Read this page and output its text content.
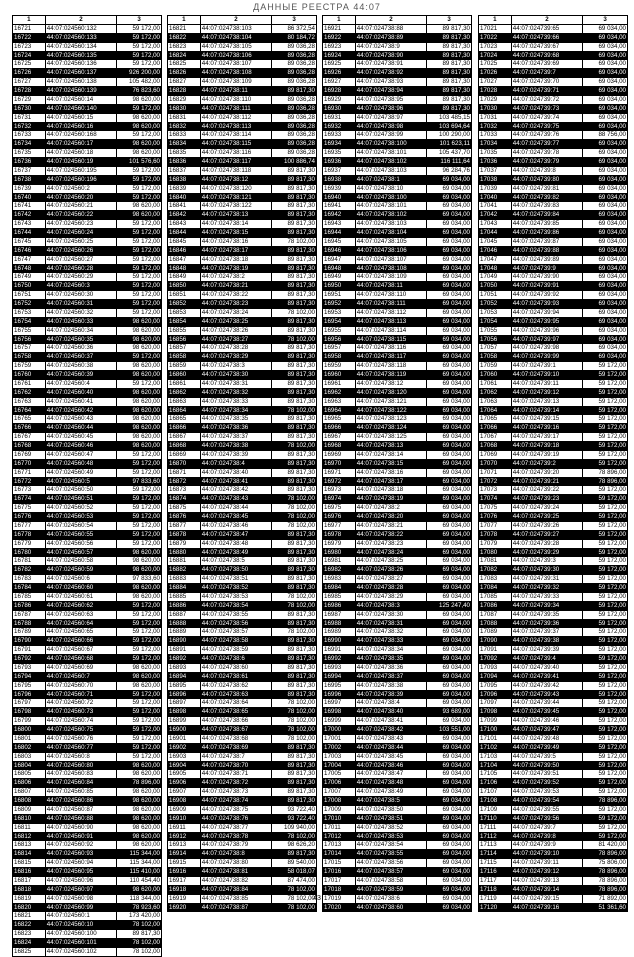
ДАННЫЕ РЕЕСТРА 44:07
1	2	3
16721	44:07:024560:132	59 172,00
16722	44:07:024560:133	59 172,00
16723	44:07:024560:134	59 172,00
16724	44:07:024560:135	59 172,00
16725	44:07:024560:136	59 172,00
16726	44:07:024560:137	926 200,00
16727	44:07:024560:138	105 482,00
16728	44:07:024560:139	76 823,60
16729	44:07:024560:14	98 620,00
16730	44:07:024560:140	59 172,00
16731	44:07:024560:15	98 620,00
16732	44:07:024560:16	98 620,00
16733	44:07:024560:168	59 172,00
16734	44:07:024560:17	98 620,00
16735	44:07:024560:18	98 620,00
16736	44:07:024560:19	101 576,60
16737	44:07:024560:195	59 172,00
16738	44:07:024560:196	59 172,00
16739	44:07:024560:2	59 172,00
16740	44:07:024560:20	59 172,00
16741	44:07:024560:21	98 620,00
16742	44:07:024560:22	98 620,00
16743	44:07:024560:23	59 172,00
16744	44:07:024560:24	59 172,00
16745	44:07:024560:25	59 172,00
16746	44:07:024560:26	59 172,00
16747	44:07:024560:27	59 172,00
16748	44:07:024560:28	59 172,00
16749	44:07:024560:29	59 172,00
16750	44:07:024560:3	59 172,00
16751	44:07:024560:30	59 172,00
16752	44:07:024560:31	59 172,00
16753	44:07:024560:32	59 172,00
16754	44:07:024560:33	98 620,00
16755	44:07:024560:34	98 620,00
16756	44:07:024560:35	98 620,00
16757	44:07:024560:36	98 620,00
16758	44:07:024560:37	59 172,00
16759	44:07:024560:38	98 620,00
16760	44:07:024560:39	98 620,00
16761	44:07:024560:4	59 172,00
16762	44:07:024560:40	98 620,00
16763	44:07:024560:41	98 620,00
16764	44:07:024560:42	98 620,00
16765	44:07:024560:43	98 620,00
16766	44:07:024560:44	98 620,00
16767	44:07:024560:45	98 620,00
16768	44:07:024560:46	98 620,00
16769	44:07:024560:47	59 172,00
16770	44:07:024560:48	59 172,00
16771	44:07:024560:49	59 172,00
16772	44:07:024560:5	97 833,60
16773	44:07:024560:50	59 172,00
16774	44:07:024560:51	59 172,00
16775	44:07:024560:52	59 172,00
16776	44:07:024560:53	59 172,00
16777	44:07:024560:54	59 172,00
16778	44:07:024560:55	59 172,00
16779	44:07:024560:56	59 172,00
16780	44:07:024560:57	98 620,00
16781	44:07:024560:58	98 620,00
16782	44:07:024560:59	98 620,00
16783	44:07:024560:6	97 833,60
16784	44:07:024560:60	98 620,00
16785	44:07:024560:61	98 620,00
16786	44:07:024560:62	59 172,00
16787	44:07:024560:63	59 172,00
16788	44:07:024560:64	59 172,00
16789	44:07:024560:65	59 172,00
16790	44:07:024560:66	59 172,00
16791	44:07:024560:67	59 172,00
16792	44:07:024560:68	59 172,00
16793	44:07:024560:69	98 620,00
16794	44:07:024560:7	98 620,00
16795	44:07:024560:70	98 620,00
16796	44:07:024560:71	59 172,00
16797	44:07:024560:72	59 172,00
16798	44:07:024560:73	59 172,00
16799	44:07:024560:74	59 172,00
16800	44:07:024560:75	59 172,00
16801	44:07:024560:76	59 172,00
16802	44:07:024560:77	59 172,00
16803	44:07:024560:8	59 172,00
16804	44:07:024560:80	98 620,00
16805	44:07:024560:83	98 620,00
16806	44:07:024560:84	78 896,00
16807	44:07:024560:85	98 620,00
16808	44:07:024560:86	98 620,00
16809	44:07:024560:87	98 620,00
16810	44:07:024560:88	98 620,00
16811	44:07:024560:90	98 620,00
16812	44:07:024560:91	98 620,00
16813	44:07:024560:92	98 620,00
16814	44:07:024560:93	115 344,00
16815	44:07:024560:94	115 344,00
16816	44:07:024560:95	115 410,00
16817	44:07:024560:96	110 454,40
16818	44:07:024560:97	98 620,00
16819	44:07:024560:98	118 344,00
16820	44:07:024560:99	78 923,60
16821	44:07:024560:1	173 420,00
16822	44:07:024560:10	78 102,00
16823	44:07:024560:100	89 817,30
16824	44:07:024560:101	78 102,00
16825	44:07:024560:102	78 102,00
1	2	3
16821	44:07:024738:103	86 372,54
16822	44:07:024738:104	80 184,72
16823	44:07:024738:105	89 036,28
16824	44:07:024738:106	89 036,28
16825	44:07:024738:107	89 036,28
16826	44:07:024738:108	89 036,28
16827	44:07:024738:109	89 036,28
16828	44:07:024738:11	89 817,30
16829	44:07:024738:110	89 036,28
16830	44:07:024738:111	89 036,28
16831	44:07:024738:112	89 036,28
16832	44:07:024738:113	89 036,28
16833	44:07:024738:114	89 036,28
16834	44:07:024738:115	89 036,28
16835	44:07:024738:116	89 036,28
16836	44:07:024738:117	100 886,74
16837	44:07:024738:118	89 817,30
16838	44:07:024738:12	89 817,30
16839	44:07:024738:120	89 817,30
16840	44:07:024738:121	89 817,30
16841	44:07:024738:122	89 817,30
16842	44:07:024738:13	89 817,30
16843	44:07:024738:14	89 817,30
16844	44:07:024738:15	89 817,30
16845	44:07:024738:16	78 102,00
16846	44:07:024738:17	89 817,30
16847	44:07:024738:18	89 817,30
16848	44:07:024738:19	89 817,30
16849	44:07:024738:2	89 817,30
16850	44:07:024738:21	89 817,30
16851	44:07:024738:22	89 817,30
16852	44:07:024738:23	89 817,30
16853	44:07:024738:24	78 102,00
16854	44:07:024738:25	89 817,30
16855	44:07:024738:26	89 817,30
16856	44:07:024738:27	78 102,00
16857	44:07:024738:28	89 817,30
16858	44:07:024738:29	89 817,30
16859	44:07:024738:3	89 817,30
16860	44:07:024738:30	89 817,30
16861	44:07:024738:31	89 817,30
16862	44:07:024738:32	89 817,30
16863	44:07:024738:33	89 817,30
16864	44:07:024738:34	78 102,00
16865	44:07:024738:35	89 817,30
16866	44:07:024738:36	89 817,30
16867	44:07:024738:37	89 817,30
16868	44:07:024738:38	78 102,00
16869	44:07:024738:39	89 817,30
16870	44:07:024738:4	89 817,30
16871	44:07:024738:40	89 817,30
16872	44:07:024738:41	89 817,30
16873	44:07:024738:42	89 817,30
16874	44:07:024738:43	78 102,00
16875	44:07:024738:44	78 102,00
16876	44:07:024738:45	78 102,00
16877	44:07:024738:46	78 102,00
16878	44:07:024738:47	89 817,30
16879	44:07:024738:48	89 817,30
16880	44:07:024738:49	89 817,30
16881	44:07:024738:5	89 817,30
16882	44:07:024738:50	89 817,30
16883	44:07:024738:51	89 817,30
16884	44:07:024738:52	89 817,30
16885	44:07:024738:53	78 102,00
16886	44:07:024738:54	78 102,00
16887	44:07:024738:55	89 817,30
16888	44:07:024738:56	89 817,30
16889	44:07:024738:57	78 102,00
16890	44:07:024738:58	89 817,30
16891	44:07:024738:59	89 817,30
16892	44:07:024738:6	89 817,30
16893	44:07:024738:60	89 817,30
16894	44:07:024738:61	89 817,30
16895	44:07:024738:62	89 817,30
16896	44:07:024738:63	89 817,30
16897	44:07:024738:64	78 102,00
16898	44:07:024738:65	78 102,00
16899	44:07:024738:66	78 102,00
16900	44:07:024738:67	78 102,00
16901	44:07:024738:68	78 102,00
16902	44:07:024738:69	89 817,30
16903	44:07:024738:7	89 817,30
16904	44:07:024738:70	89 817,30
16905	44:07:024738:71	89 817,30
16906	44:07:024738:72	89 817,30
16907	44:07:024738:73	89 817,30
16908	44:07:024738:74	89 817,30
16909	44:07:024738:75	93 722,40
16910	44:07:024738:76	93 722,40
16911	44:07:024738:77	109 940,00
16912	44:07:024738:78	78 102,00
16913	44:07:024738:79	98 626,20
16914	44:07:024738:8	89 817,30
16915	44:07:024738:80	89 540,00
16916	44:07:024738:81	58 018,07
16917	44:07:024738:82	87 474,00
16918	44:07:024738:84	78 102,00
16919	44:07:024738:85	78 102,00
16920	44:07:024738:87	78 102,00
1	2	3
16921	44:07:024738:88	89 817,30
16922	44:07:024738:89	89 817,30
16923	44:07:024738:9	89 817,30
16924	44:07:024738:90	89 817,30
16925	44:07:024738:91	89 817,30
16926	44:07:024738:92	89 817,30
16927	44:07:024738:93	89 817,30
16928	44:07:024738:94	89 817,30
16929	44:07:024738:95	89 817,30
16930	44:07:024738:96	89 817,30
16931	44:07:024738:97	103 485,15
16932	44:07:024738:98	103 694,64
16933	44:07:024738:99	100 290,00
16934	44:07:024738:100	101 623,11
16935	44:07:024738:101	105 437,70
16936	44:07:024738:102	116 111,64
16937	44:07:024738:103	96 284,76
16938	44:07:024738:1	69 034,00
16939	44:07:024738:10	69 034,00
16940	44:07:024738:100	69 034,00
16941	44:07:024738:101	69 034,00
16942	44:07:024738:102	69 034,00
16943	44:07:024738:103	69 034,00
16944	44:07:024738:104	69 034,00
16945	44:07:024738:105	69 034,00
16946	44:07:024738:106	69 034,00
16947	44:07:024738:107	69 034,00
16948	44:07:024738:108	69 034,00
16949	44:07:024738:109	69 034,00
16950	44:07:024738:11	69 034,00
16951	44:07:024738:110	69 034,00
16952	44:07:024738:111	69 034,00
16953	44:07:024738:112	69 034,00
16954	44:07:024738:113	69 034,00
16955	44:07:024738:114	69 034,00
16956	44:07:024738:115	69 034,00
16957	44:07:024738:116	69 034,00
16958	44:07:024738:117	69 034,00
16959	44:07:024738:118	69 034,00
16960	44:07:024738:119	69 034,00
16961	44:07:024738:12	69 034,00
16962	44:07:024738:120	69 034,00
16963	44:07:024738:121	69 034,00
16964	44:07:024738:122	69 034,00
16965	44:07:024738:123	69 034,00
16966	44:07:024738:124	69 034,00
16967	44:07:024738:125	69 034,00
16968	44:07:024738:13	69 034,00
16969	44:07:024738:14	69 034,00
16970	44:07:024738:15	69 034,00
16971	44:07:024738:16	69 034,00
16972	44:07:024738:17	69 034,00
16973	44:07:024738:18	69 034,00
16974	44:07:024738:19	69 034,00
16975	44:07:024738:2	69 034,00
16976	44:07:024738:20	69 034,00
16977	44:07:024738:21	69 034,00
16978	44:07:024738:22	69 034,00
16979	44:07:024738:23	69 034,00
16980	44:07:024738:24	69 034,00
16981	44:07:024738:25	69 034,00
16982	44:07:024738:26	69 034,00
16983	44:07:024738:27	69 034,00
16984	44:07:024738:28	69 034,00
16985	44:07:024738:29	69 034,00
16986	44:07:024738:3	125 247,40
16987	44:07:024738:30	69 034,00
16988	44:07:024738:31	69 034,00
16989	44:07:024738:32	69 034,00
16990	44:07:024738:33	69 034,00
16991	44:07:024738:34	69 034,00
16992	44:07:024738:35	69 034,00
16993	44:07:024738:36	69 034,00
16994	44:07:024738:37	69 034,00
16995	44:07:024738:38	69 034,00
16996	44:07:024738:39	69 034,00
16997	44:07:024738:4	69 034,00
16998	44:07:024738:40	93 689,00
16999	44:07:024738:41	69 034,00
17000	44:07:024738:42	103 551,00
17001	44:07:024738:43	69 034,00
17002	44:07:024738:44	69 034,00
17003	44:07:024738:45	69 034,00
17004	44:07:024738:46	69 034,00
17005	44:07:024738:47	69 034,00
17006	44:07:024738:48	69 034,00
17007	44:07:024738:49	69 034,00
17008	44:07:024738:5	69 034,00
17009	44:07:024738:50	69 034,00
17010	44:07:024738:51	69 034,00
17011	44:07:024738:52	69 034,00
17012	44:07:024738:53	69 034,00
17013	44:07:024738:54	69 034,00
17014	44:07:024738:55	69 034,00
17015	44:07:024738:56	69 034,00
17016	44:07:024738:57	69 034,00
17017	44:07:024738:58	69 034,00
17018	44:07:024738:59	69 034,00
17019	44:07:024738:6	69 034,00
17020	44:07:024738:60	69 034,00
1	2	3
17021	44:07:024739:65	69 034,00
17022	44:07:024739:66	69 034,00
17023	44:07:024739:67	69 034,00
17024	44:07:024739:68	69 034,00
17025	44:07:024739:69	69 034,00
17026	44:07:024739:7	69 034,00
17027	44:07:024739:70	69 034,00
17028	44:07:024739:71	69 034,00
17029	44:07:024739:72	69 034,00
17030	44:07:024739:73	69 034,00
17031	44:07:024739:74	69 034,00
17032	44:07:024739:75	69 034,00
17033	44:07:024739:76	88 756,00
17034	44:07:024739:77	69 034,00
17035	44:07:024739:78	69 034,00
17036	44:07:024739:79	69 034,00
17037	44:07:024739:8	69 034,00
17038	44:07:024739:80	69 034,00
17039	44:07:024739:81	69 034,00
17040	44:07:024739:82	69 034,00
17041	44:07:024739:83	69 034,00
17042	44:07:024739:84	69 034,00
17043	44:07:024739:85	69 034,00
17044	44:07:024739:86	69 034,00
17045	44:07:024739:87	69 034,00
17046	44:07:024739:88	69 034,00
17047	44:07:024739:89	69 034,00
17048	44:07:024739:9	69 034,00
17049	44:07:024739:90	69 034,00
17050	44:07:024739:91	69 034,00
17051	44:07:024739:92	69 034,00
17052	44:07:024739:93	69 034,00
17053	44:07:024739:94	69 034,00
17054	44:07:024739:95	69 034,00
17055	44:07:024739:96	69 034,00
17056	44:07:024739:97	69 034,00
17057	44:07:024739:98	69 034,00
17058	44:07:024739:99	69 034,00
17059	44:07:024739:1	59 172,00
17060	44:07:024739:10	59 172,00
17061	44:07:024739:11	59 172,00
17062	44:07:024739:12	59 172,00
17063	44:07:024739:13	59 172,00
17064	44:07:024739:14	59 172,00
17065	44:07:024739:15	59 172,00
17066	44:07:024739:16	59 172,00
17067	44:07:024739:17	59 172,00
17068	44:07:024739:18	59 172,00
17069	44:07:024739:19	59 172,00
17070	44:07:024739:2	59 172,00
17071	44:07:024739:20	78 896,00
17072	44:07:024739:21	78 896,00
17073	44:07:024739:22	59 172,00
17074	44:07:024739:23	59 172,00
17075	44:07:024739:24	59 172,00
17076	44:07:024739:25	59 172,00
17077	44:07:024739:26	59 172,00
17078	44:07:024739:27	59 172,00
17079	44:07:024739:28	59 172,00
17080	44:07:024739:29	59 172,00
17081	44:07:024739:3	59 172,00
17082	44:07:024739:30	59 172,00
17083	44:07:024739:31	59 172,00
17084	44:07:024739:32	59 172,00
17085	44:07:024739:33	59 172,00
17086	44:07:024739:34	59 172,00
17087	44:07:024739:35	59 172,00
17088	44:07:024739:36	59 172,00
17089	44:07:024739:37	59 172,00
17090	44:07:024739:38	59 172,00
17091	44:07:024739:39	59 172,00
17092	44:07:024739:4	59 172,00
17093	44:07:024739:40	59 172,00
17094	44:07:024739:41	59 172,00
17095	44:07:024739:42	59 172,00
17096	44:07:024739:43	59 172,00
17097	44:07:024739:44	59 172,00
17098	44:07:024739:45	59 172,00
17099	44:07:024739:46	59 172,00
17100	44:07:024739:47	59 172,00
17101	44:07:024739:48	59 172,00
17102	44:07:024739:49	59 172,00
17103	44:07:024739:5	59 172,00
17104	44:07:024739:50	59 172,00
17105	44:07:024739:51	59 172,00
17106	44:07:024739:52	59 172,00
17107	44:07:024739:53	59 172,00
17108	44:07:024739:54	78 896,00
17109	44:07:024739:55	59 172,00
17110	44:07:024739:56	59 172,00
17111	44:07:024739:7	59 172,00
17112	44:07:024739:8	59 172,00
17113	44:07:024739:9	81 420,00
17114	44:07:024739:10	78 896,00
17115	44:07:024739:11	75 806,00
17116	44:07:024739:12	78 896,00
17117	44:07:024739:13	78 896,00
17118	44:07:024739:14	78 896,00
17119	44:07:024739:15	71 892,00
17120	44:07:024739:16	51 361,60
43
